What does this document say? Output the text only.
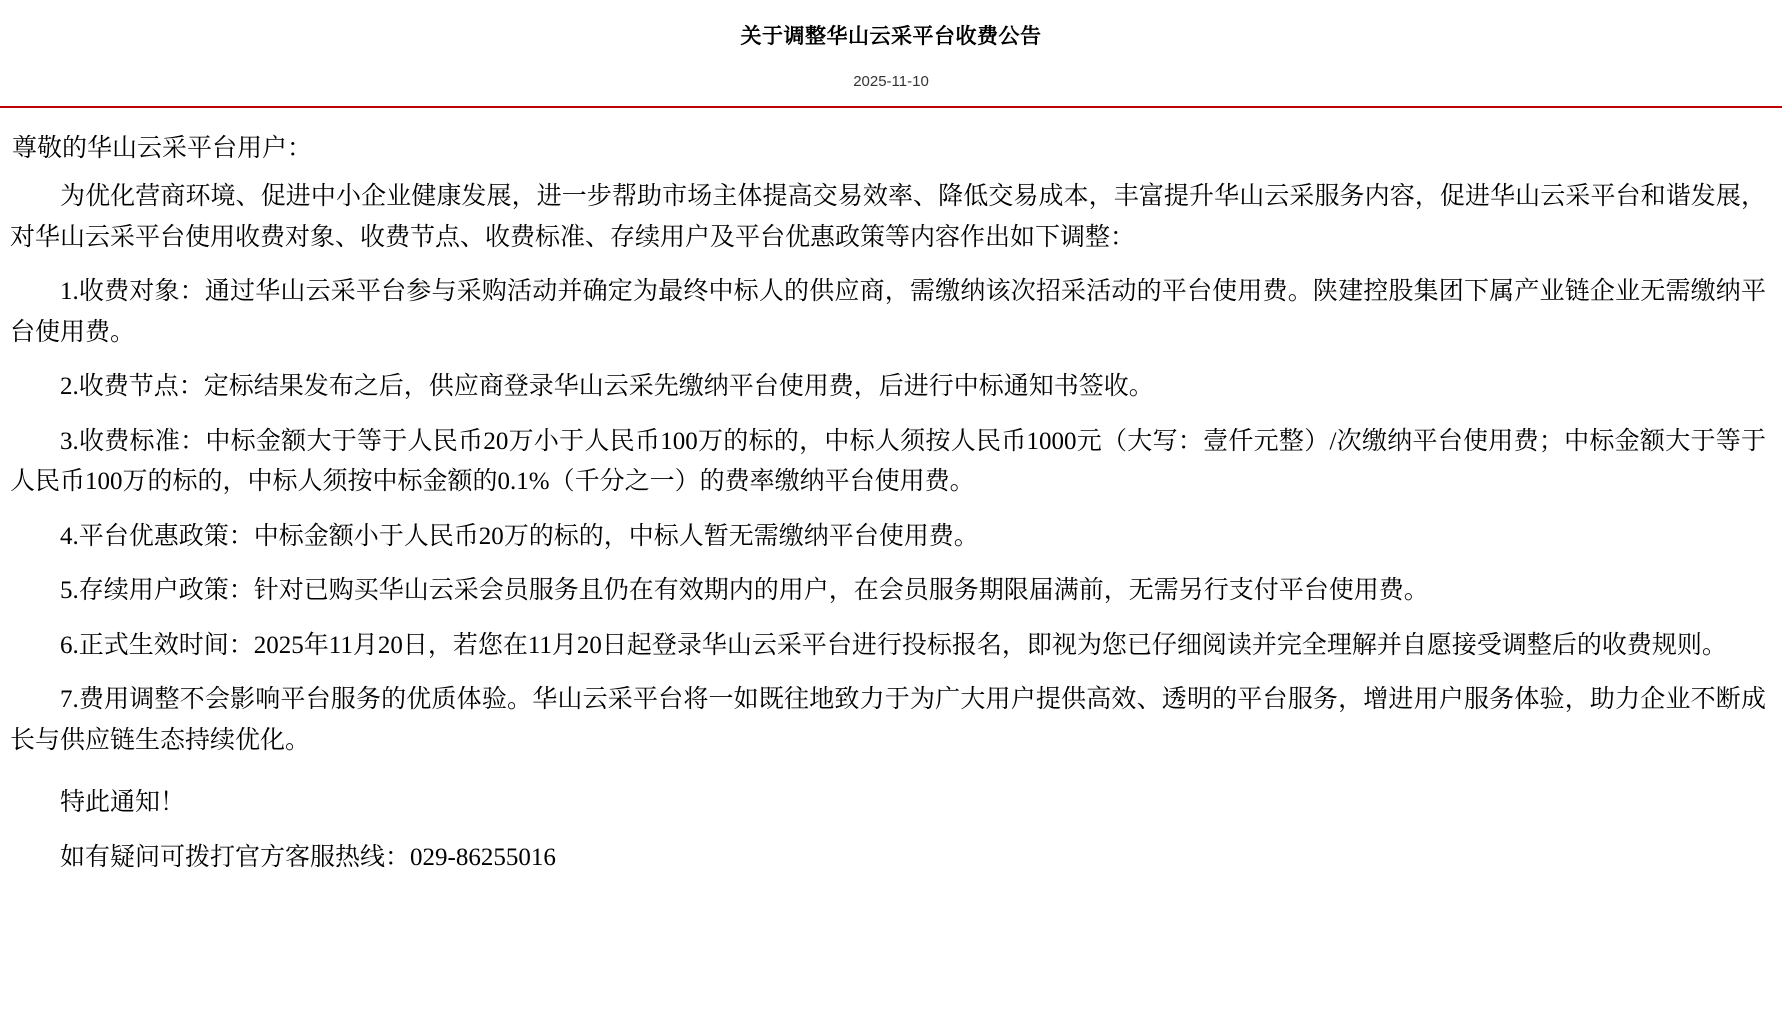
关于调整华山云采平台收费公告
2025-11-10

尊敬的华山云采平台用户：

为优化营商环境、促进中小企业健康发展，进一步帮助市场主体提高交易效率、降低交易成本，丰富提升华山云采服务内容，促进华山云采平台和谐发展，对华山云采平台使用收费对象、收费节点、收费标准、存续用户及平台优惠政策等内容作出如下调整：

1.收费对象：通过华山云采平台参与采购活动并确定为最终中标人的供应商，需缴纳该次招采活动的平台使用费。陕建控股集团下属产业链企业无需缴纳平台使用费。

2.收费节点：定标结果发布之后，供应商登录华山云采先缴纳平台使用费，后进行中标通知书签收。

3.收费标准：中标金额大于等于人民币20万小于人民币100万的标的，中标人须按人民币1000元（大写：壹仟元整）/次缴纳平台使用费；中标金额大于等于人民币100万的标的，中标人须按中标金额的0.1%（千分之一）的费率缴纳平台使用费。

4.平台优惠政策：中标金额小于人民币20万的标的，中标人暂无需缴纳平台使用费。

5.存续用户政策：针对已购买华山云采会员服务且仍在有效期内的用户，在会员服务期限届满前，无需另行支付平台使用费。

6.正式生效时间：2025年11月20日，若您在11月20日起登录华山云采平台进行投标报名，即视为您已仔细阅读并完全理解并自愿接受调整后的收费规则。

7.费用调整不会影响平台服务的优质体验。华山云采平台将一如既往地致力于为广大用户提供高效、透明的平台服务，增进用户服务体验，助力企业不断成长与供应链生态持续优化。

特此通知！

如有疑问可拨打官方客服热线：029-86255016
